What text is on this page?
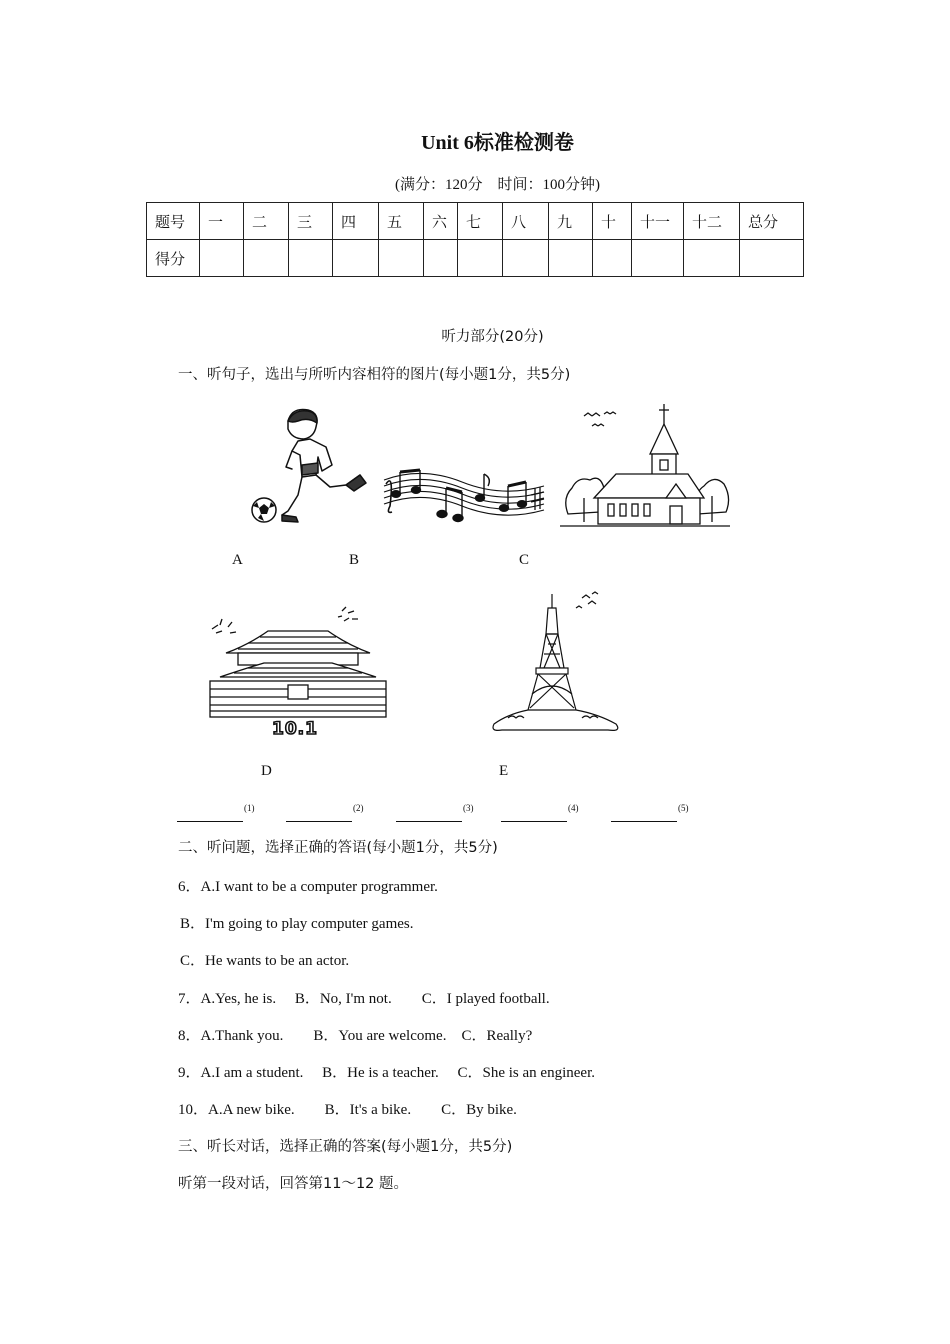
Unit 6标准检测卷
(满分：120分　时间：100分钟)
题号	一	二	三	四	五	六	七	八	九	十	十一	十二	总分
得分													
听力部分(20分)
一、听句子，选出与所听内容相符的图片(每小题1分，共5分)
A	B	C
10.1
D	E
$^{(1)}$	$^{(2)}$	$^{(3)}$	$^{(4)}$	$^{(5)}$
二、听问题，选择正确的答语(每小题1分，共5分)
6．A.I want to be a computer programmer.
B．I'm going to play computer games.
C．He wants to be an actor.
7．A.Yes, he is.　 B．No, I'm not.　　C．I played football.
8．A.Thank you.　　B．You are welcome.　C．Really?
9．A.I am a student.　 B．He is a teacher.　 C．She is an engineer.
10．A.A new bike.　　B．It's a bike.　　C．By bike.
三、听长对话，选择正确的答案(每小题1分，共5分)
听第一段对话，回答第11～12 题。
